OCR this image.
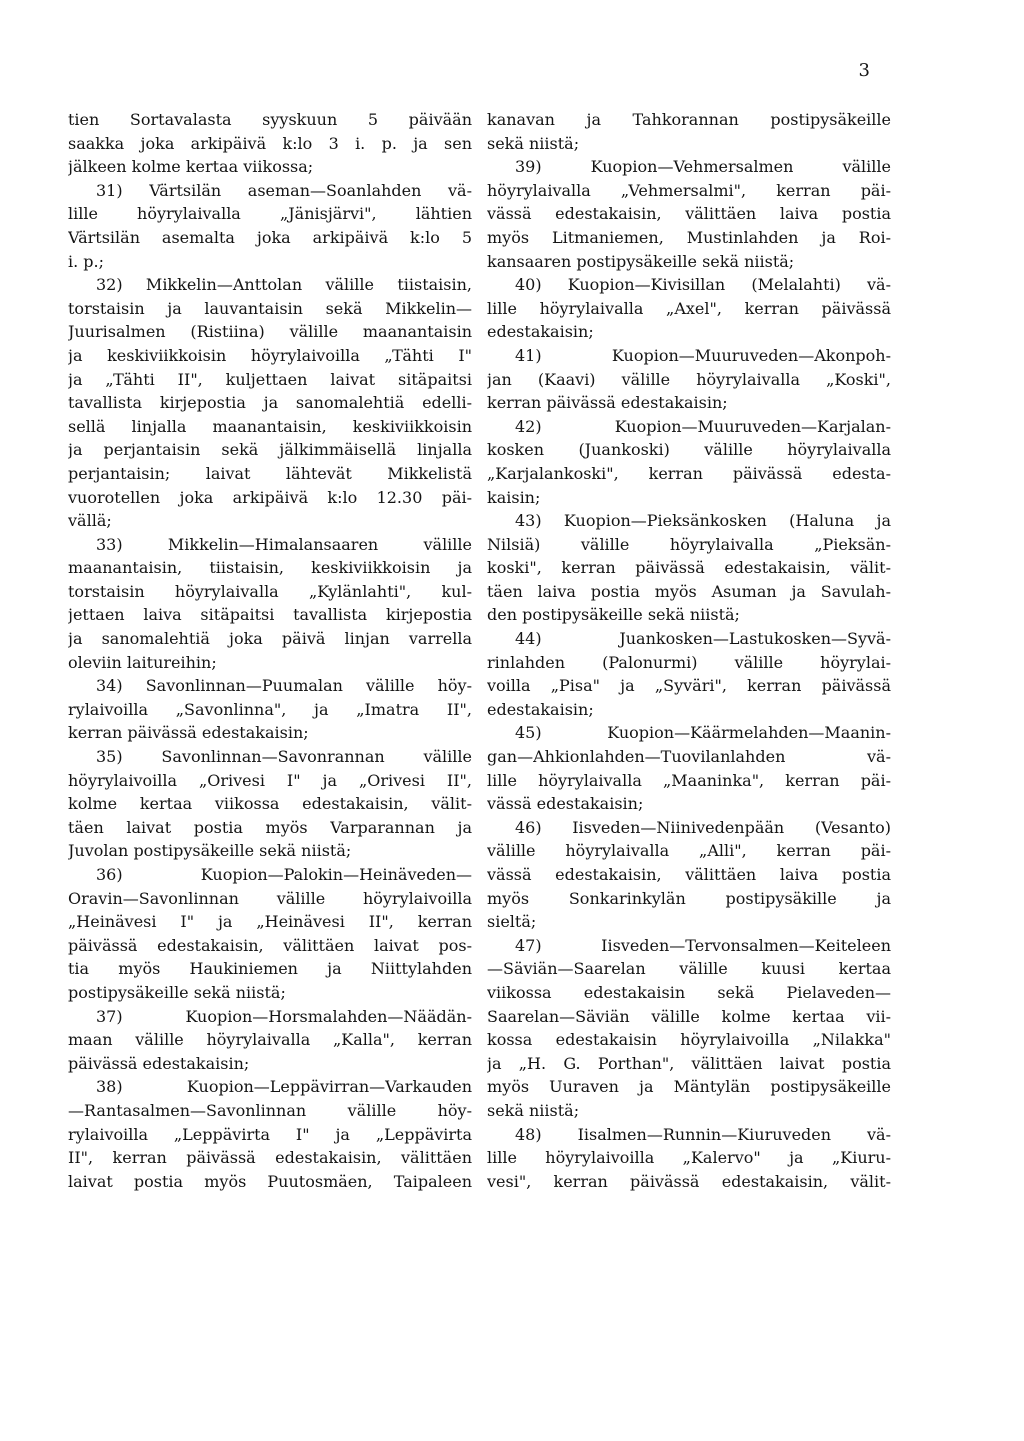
3
tien Sortavalasta syyskuun 5 päivään
saakka joka arkipäivä k:lo 3 i. p. ja sen
jälkeen kolme kertaa viikossa;
31) Värtsilän aseman—Soanlahden vä-
lille höyrylaivalla „Jänisjärvi", lähtien
Värtsilän asemalta joka arkipäivä k:lo 5
i. p.;
32) Mikkelin—Anttolan välille tiistaisin,
torstaisin ja lauvantaisin sekä Mikkelin—
Juurisalmen (Ristiina) välille maanantaisin
ja keskiviikkoisin höyrylaivoilla „Tähti I"
ja „Tähti II", kuljettaen laivat sitäpaitsi
tavallista kirjepostia ja sanomalehtiä edelli-
sellä linjalla maanantaisin, keskiviikkoisin
ja perjantaisin sekä jälkimmäisellä linjalla
perjantaisin; laivat lähtevät Mikkelistä
vuorotellen joka arkipäivä k:lo 12.30 päi-
vällä;
33) Mikkelin—Himalansaaren välille
maanantaisin, tiistaisin, keskiviikkoisin ja
torstaisin höyrylaivalla „Kylänlahti", kul-
jettaen laiva sitäpaitsi tavallista kirjepostia
ja sanomalehtiä joka päivä linjan varrella
oleviin laitureihin;
34) Savonlinnan—Puumalan välille höy-
rylaivoilla „Savonlinna", ja „Imatra II",
kerran päivässä edestakaisin;
35) Savonlinnan—Savonrannan välille
höyrylaivoilla „Orivesi I" ja „Orivesi II",
kolme kertaa viikossa edestakaisin, välit-
täen laivat postia myös Varparannan ja
Juvolan postipysäkeille sekä niistä;
36) Kuopion—Palokin—Heinäveden—
Oravin—Savonlinnan välille höyrylaivoilla
„Heinävesi I" ja „Heinävesi II", kerran
päivässä edestakaisin, välittäen laivat pos-
tia myös Haukiniemen ja Niittylahden
postipysäkeille sekä niistä;
37) Kuopion—Horsmalahden—Näädän-
maan välille höyrylaivalla „Kalla", kerran
päivässä edestakaisin;
38) Kuopion—Leppävirran—Varkauden
—Rantasalmen—Savonlinnan välille höy-
rylaivoilla „Leppävirta I" ja „Leppävirta
II", kerran päivässä edestakaisin, välittäen
laivat postia myös Puutosmäen, Taipaleen
kanavan ja Tahkorannan postipysäkeille
sekä niistä;
39) Kuopion—Vehmersalmen välille
höyrylaivalla „Vehmersalmi", kerran päi-
vässä edestakaisin, välittäen laiva postia
myös Litmaniemen, Mustinlahden ja Roi-
kansaaren postipysäkeille sekä niistä;
40) Kuopion—Kivisillan (Melalahti) vä-
lille höyrylaivalla „Axel", kerran päivässä
edestakaisin;
41) Kuopion—Muuruveden—Akonpoh-
jan (Kaavi) välille höyrylaivalla „Koski",
kerran päivässä edestakaisin;
42) Kuopion—Muuruveden—Karjalan-
kosken (Juankoski) välille höyrylaivalla
„Karjalankoski", kerran päivässä edesta-
kaisin;
43) Kuopion—Pieksänkosken (Haluna ja
Nilsiä) välille höyrylaivalla „Pieksän-
koski", kerran päivässä edestakaisin, välit-
täen laiva postia myös Asuman ja Savulah-
den postipysäkeille sekä niistä;
44) Juankosken—Lastukosken—Syvä-
rinlahden (Palonurmi) välille höyrylai-
voilla „Pisa" ja „Syväri", kerran päivässä
edestakaisin;
45) Kuopion—Käärmelahden—Maanin-
gan—Ahkionlahden—Tuovilanlahden vä-
lille höyrylaivalla „Maaninka", kerran päi-
vässä edestakaisin;
46) Iisveden—Niinivedenpään (Vesanto)
välille höyrylaivalla „Alli", kerran päi-
vässä edestakaisin, välittäen laiva postia
myös Sonkarinkylän postipysäkille ja
sieltä;
47) Iisveden—Tervonsalmen—Keiteleen
—Säviän—Saarelan välille kuusi kertaa
viikossa edestakaisin sekä Pielaveden—
Saarelan—Säviän välille kolme kertaa vii-
kossa edestakaisin höyrylaivoilla „Nilakka"
ja „H. G. Porthan", välittäen laivat postia
myös Uuraven ja Mäntylän postipysäkeille
sekä niistä;
48) Iisalmen—Runnin—Kiuruveden vä-
lille höyrylaivoilla „Kalervo" ja „Kiuru-
vesi", kerran päivässä edestakaisin, välit-
